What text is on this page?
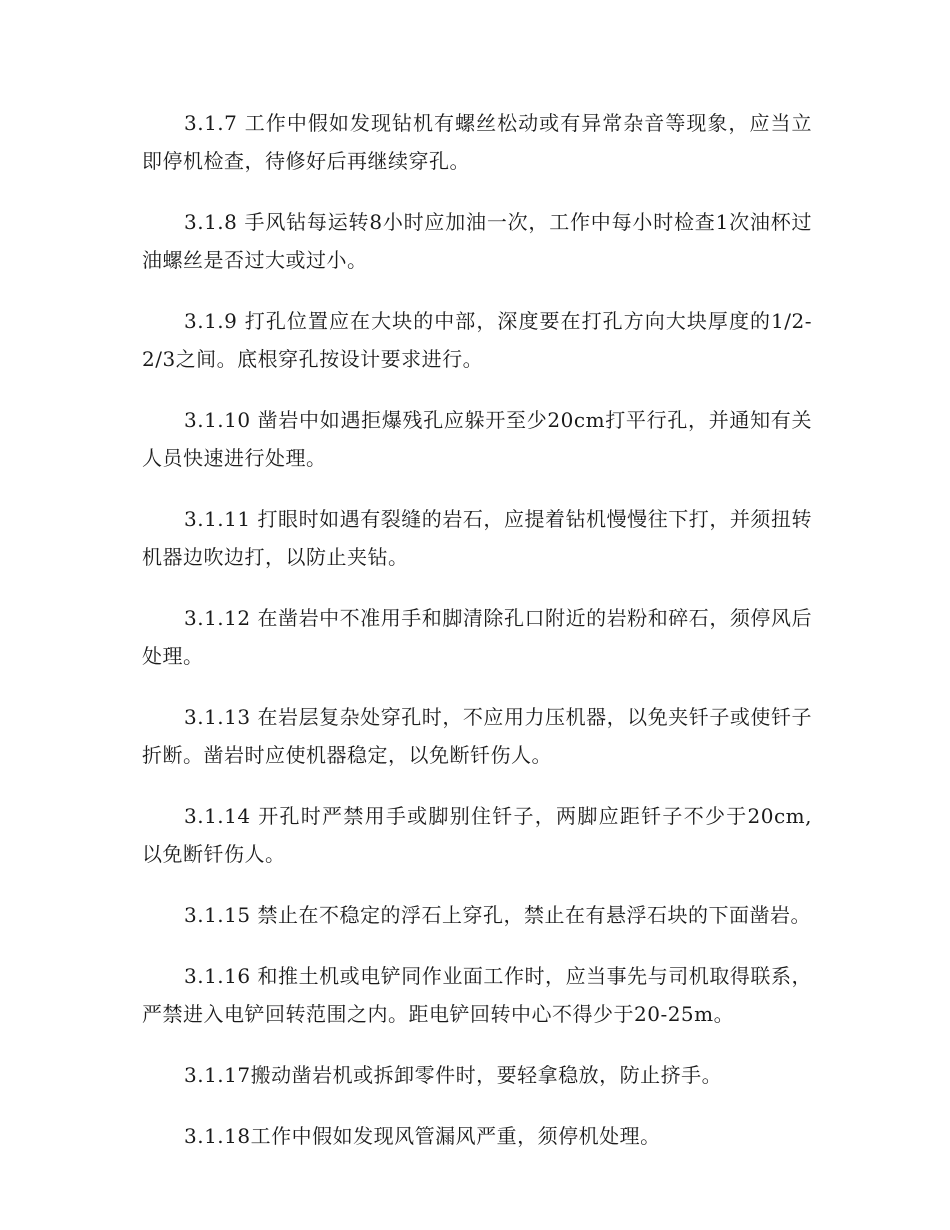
3.1.7 工作中假如发现钻机有螺丝松动或有异常杂音等现象，应当立即停机检查，待修好后再继续穿孔。

3.1.8 手风钻每运转8小时应加油一次，工作中每小时检查1次油杯过油螺丝是否过大或过小。

3.1.9 打孔位置应在大块的中部，深度要在打孔方向大块厚度的1/2-2/3之间。底根穿孔按设计要求进行。

3.1.10 凿岩中如遇拒爆残孔应躲开至少20cm打平行孔，并通知有关人员快速进行处理。

3.1.11 打眼时如遇有裂缝的岩石，应提着钻机慢慢往下打，并须扭转机器边吹边打，以防止夹钻。

3.1.12 在凿岩中不准用手和脚清除孔口附近的岩粉和碎石，须停风后处理。

3.1.13 在岩层复杂处穿孔时，不应用力压机器，以免夹钎子或使钎子折断。凿岩时应使机器稳定，以免断钎伤人。

3.1.14 开孔时严禁用手或脚别住钎子，两脚应距钎子不少于20cm,以免断钎伤人。

3.1.15 禁止在不稳定的浮石上穿孔，禁止在有悬浮石块的下面凿岩。

3.1.16 和推土机或电铲同作业面工作时，应当事先与司机取得联系，严禁进入电铲回转范围之内。距电铲回转中心不得少于20-25m。

3.1.17搬动凿岩机或拆卸零件时，要轻拿稳放，防止挤手。

3.1.18工作中假如发现风管漏风严重，须停机处理。
